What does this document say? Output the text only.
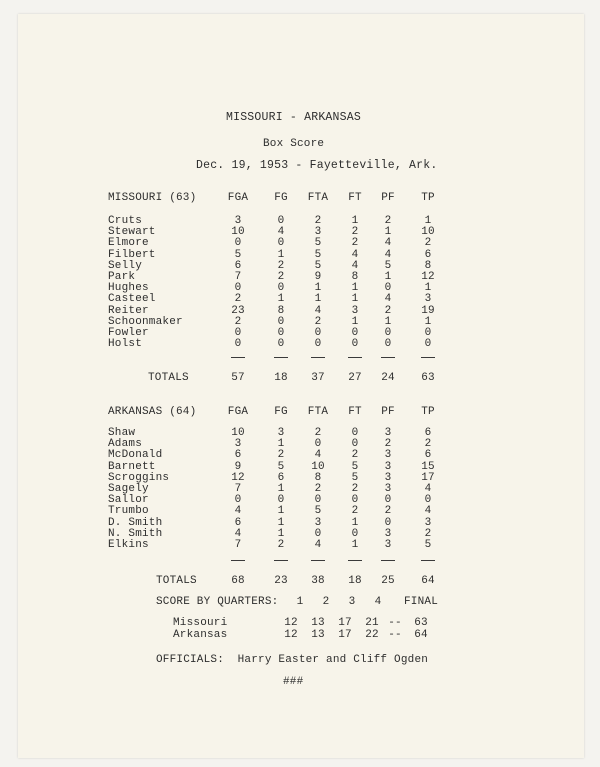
MISSOURI - ARKANSAS
Box Score
Dec. 19, 1953 - Fayetteville, Ark.
MISSOURI (63)	FGA	FG	FTA	FT	PF	TP
Cruts	3	0	2	1	2	1
Stewart	10	4	3	2	1	10
Elmore	0	0	5	2	4	2
Filbert	5	1	5	4	4	6
Selly	6	2	5	4	5	8
Park	7	2	9	8	1	12
Hughes	0	0	1	1	0	1
Casteel	2	1	1	1	4	3
Reiter	23	8	4	3	2	19
Schoonmaker	2	0	2	1	1	1
Fowler	0	0	0	0	0	0
Holst	0	0	0	0	0	0
TOTALS	57	18	37	27	24	63
ARKANSAS (64)	FGA	FG	FTA	FT	PF	TP
Shaw	10	3	2	0	3	6
Adams	3	1	0	0	2	2
McDonald	6	2	4	2	3	6
Barnett	9	5	10	5	3	15
Scroggins	12	6	8	5	3	17
Sagely	7	1	2	2	3	4
Sallor	0	0	0	0	0	0
Trumbo	4	1	5	2	2	4
D. Smith	6	1	3	1	0	3
N. Smith	4	1	0	0	3	2
Elkins	7	2	4	1	3	5
TOTALS	68	23	38	18	25	64
SCORE BY QUARTERS:	1	2	3	4	FINAL
Missouri	12	13	17	21 --	63
Arkansas	12	13	17	22 --	64
OFFICIALS:  Harry Easter and Cliff Ogden
###
